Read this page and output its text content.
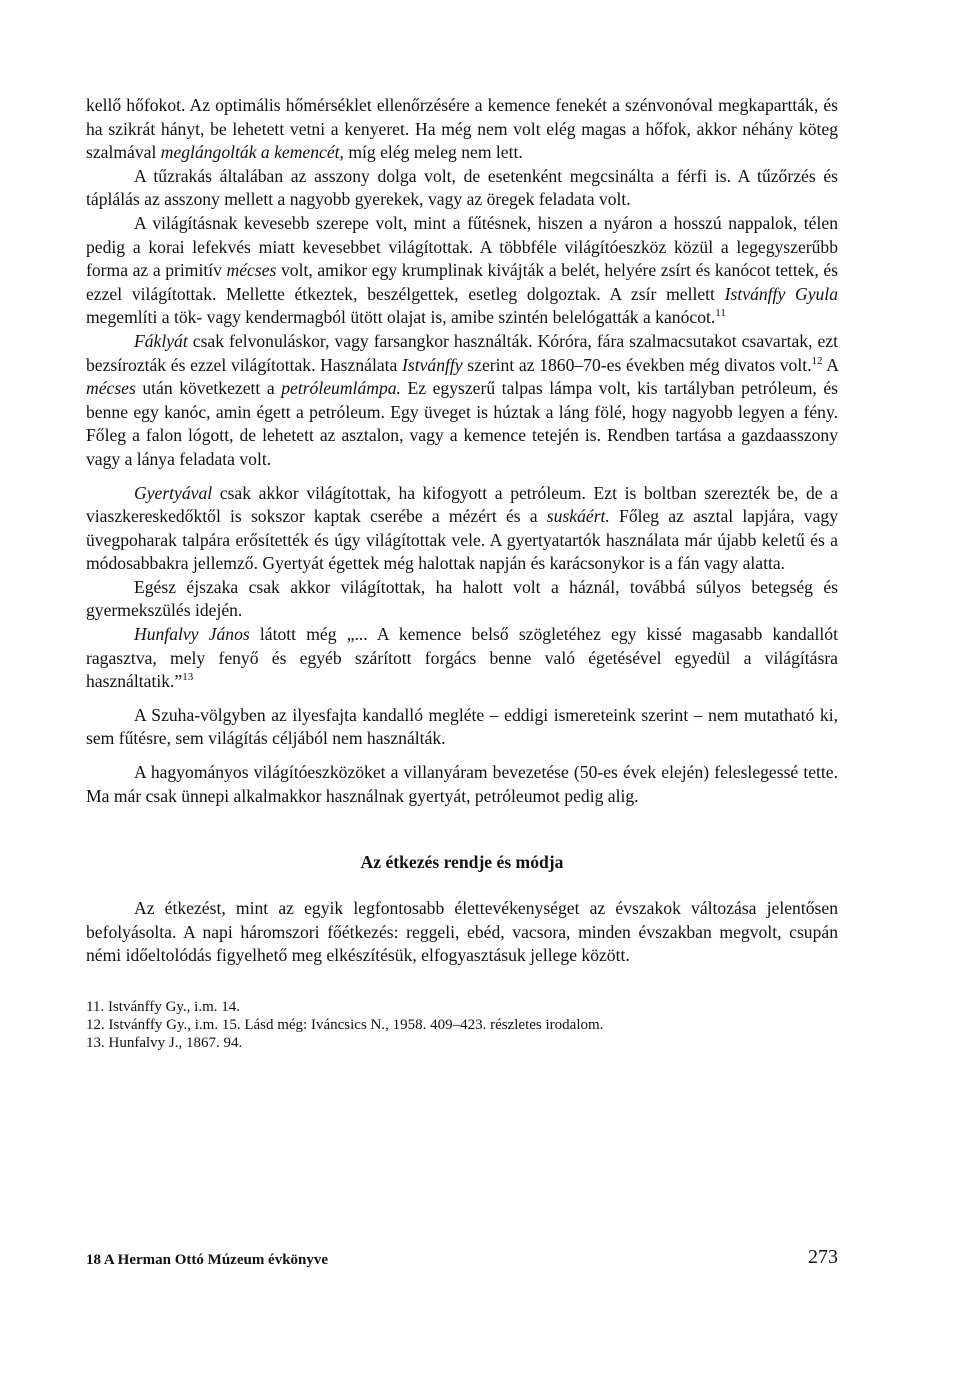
kellő hőfokot. Az optimális hőmérséklet ellenőrzésére a kemence fenekét a szénvonóval megkapartták, és ha szikrát hányt, be lehetett vetni a kenyeret. Ha még nem volt elég magas a hőfok, akkor néhány köteg szalmával meglángolták a kemencét, míg elég meleg nem lett.

A tűzrakás általában az asszony dolga volt, de esetenként megcsinálta a férfi is. A tűzőrzés és táplálás az asszony mellett a nagyobb gyerekek, vagy az öregek feladata volt.

A világításnak kevesebb szerepe volt, mint a fűtésnek, hiszen a nyáron a hosszú nappalok, télen pedig a korai lefekvés miatt kevesebbet világítottak. A többféle világítóeszköz közül a legegyszerűbb forma az a primitív mécses volt, amikor egy krumplinak kivájták a belét, helyére zsírt és kanócot tettek, és ezzel világítottak. Mellette étkeztek, beszélgettek, esetleg dolgoztak. A zsír mellett Istvánffy Gyula megemlíti a tök- vagy kendermagból ütött olajat is, amibe szintén belelógatták a kanócot.$^{11}$

Fáklyát csak felvonuláskor, vagy farsangkor használták. Kóróra, fára szalmacsutakot csavartak, ezt bezsírozták és ezzel világítottak. Használata Istvánffy szerint az 1860–70-es években még divatos volt.$^{12}$ A mécses után következett a petróleumlámpa. Ez egyszerű talpas lámpa volt, kis tartályban petróleum, és benne egy kanóc, amin égett a petróleum. Egy üveget is húztak a láng fölé, hogy nagyobb legyen a fény. Főleg a falon lógott, de lehetett az asztalon, vagy a kemence tetején is. Rendben tartása a gazdaasszony vagy a lánya feladata volt.

Gyertyával csak akkor világítottak, ha kifogyott a petróleum. Ezt is boltban szerezték be, de a viaszkereskedőktől is sokszor kaptak cserébe a mézért és a suskáért. Főleg az asztal lapjára, vagy üvegpoharak talpára erősítették és úgy világítottak vele. A gyertyatartók használata már újabb keletű és a módosabbakra jellemző. Gyertyát égettek még halottak napján és karácsonykor is a fán vagy alatta.

Egész éjszaka csak akkor világítottak, ha halott volt a háznál, továbbá súlyos betegség és gyermekszülés idején.

Hunfalvy János látott még „... A kemence belső szögletéhez egy kissé magasabb kandallót ragasztva, mely fenyő és egyéb szárított forgács benne való égetésével egyedül a világításra használtatik.”$^{13}$

A Szuha-völgyben az ilyesfajta kandalló megléte – eddigi ismereteink szerint – nem mutatható ki, sem fűtésre, sem világítás céljából nem használták.

A hagyományos világítóeszközöket a villanyáram bevezetése (50-es évek elején) feleslegessé tette. Ma már csak ünnepi alkalmakkor használnak gyertyát, petróleumot pedig alig.

Az étkezés rendje és módja

Az étkezést, mint az egyik legfontosabb élettevékenységet az évszakok változása jelentősen befolyásolta. A napi háromszori főétkezés: reggeli, ebéd, vacsora, minden évszakban megvolt, csupán némi időeltolódás figyelhető meg elkészítésük, elfogyasztásuk jellege között.

11. Istvánffy Gy., i.m. 14.
12. Istvánffy Gy., i.m. 15. Lásd még: Iváncsics N., 1958. 409–423. részletes irodalom.
13. Hunfalvy J., 1867. 94.
18 A Herman Ottó Múzeum évkönyve	273
